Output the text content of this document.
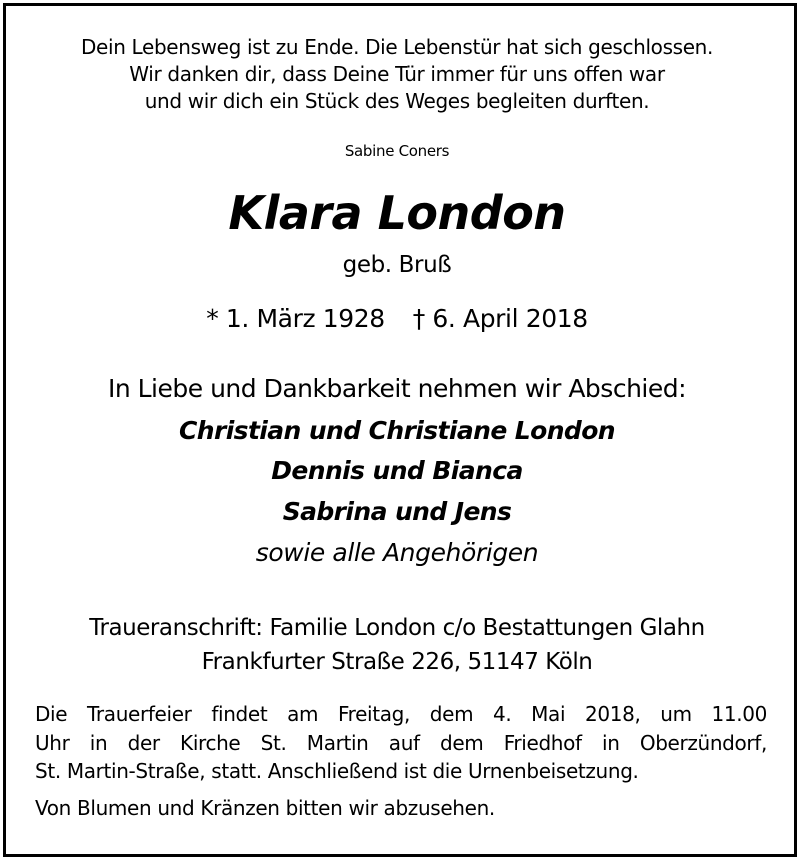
Dein Lebensweg ist zu Ende. Die Lebenstür hat sich geschlossen.
Wir danken dir, dass Deine Tür immer für uns offen war
und wir dich ein Stück des Weges begleiten durften.
Sabine Coners
Klara London
geb. Bruß
* 1. März 1928 † 6. April 2018
In Liebe und Dankbarkeit nehmen wir Abschied:
Christian und Christiane London
Dennis und Bianca
Sabrina und Jens
sowie alle Angehörigen
Traueranschrift: Familie London c/o Bestattungen Glahn
Frankfurter Straße 226, 51147 Köln
Die Trauerfeier findet am Freitag, dem 4. Mai 2018, um 11.00
Uhr in der Kirche St. Martin auf dem Friedhof in Oberzündorf,
St. Martin-Straße, statt. Anschließend ist die Urnenbeisetzung.
Von Blumen und Kränzen bitten wir abzusehen.
